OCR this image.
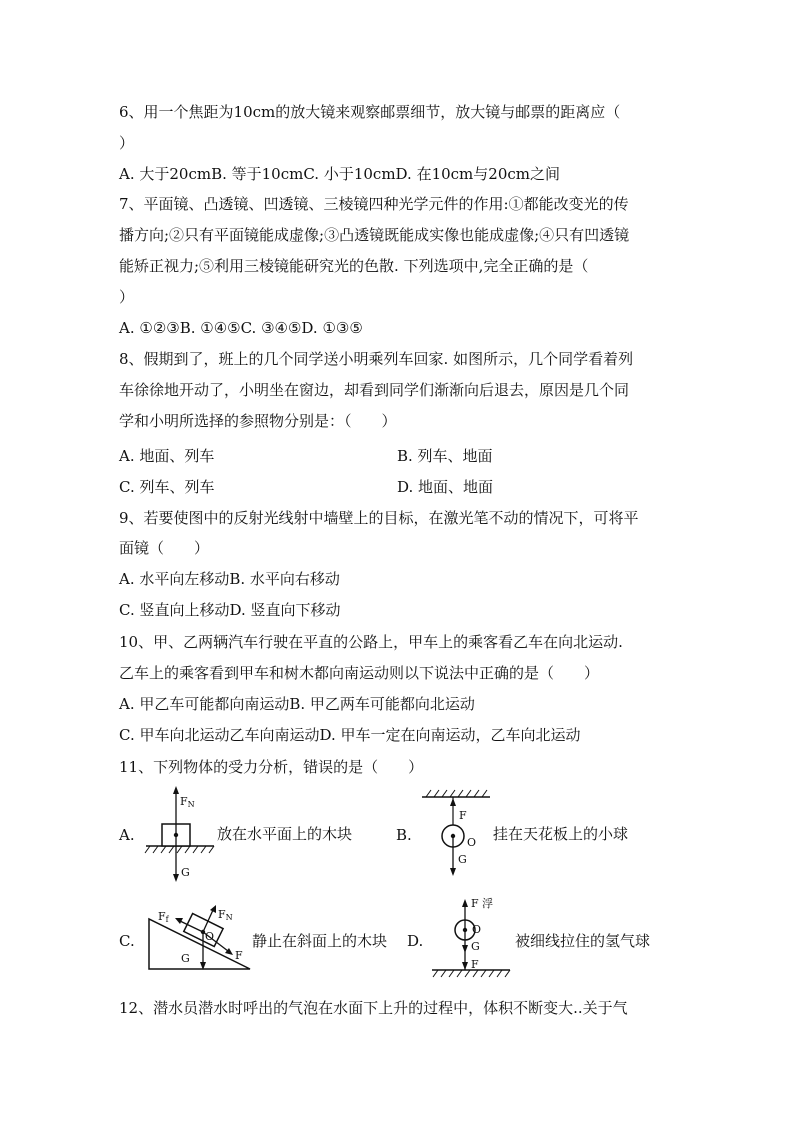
6、用一个焦距为10cm的放大镜来观察邮票细节，放大镜与邮票的距离应（
）
A. 大于20cmB. 等于10cmC. 小于10cmD. 在10cm与20cm之间
7、平面镜、凸透镜、凹透镜、三棱镜四种光学元件的作用:①都能改变光的传
播方向;②只有平面镜能成虚像;③凸透镜既能成实像也能成虚像;④只有凹透镜
能矫正视力;⑤利用三棱镜能研究光的色散. 下列选项中,完全正确的是（
）
A. ①②③B. ①④⑤C. ③④⑤D. ①③⑤
8、假期到了，班上的几个同学送小明乘列车回家. 如图所示，几个同学看着列
车徐徐地开动了，小明坐在窗边，却看到同学们渐渐向后退去，原因是几个同
学和小明所选择的参照物分别是：（　　）
A. 地面、列车	B. 列车、地面
C. 列车、列车	D. 地面、地面
9、若要使图中的反射光线射中墙壁上的目标，在激光笔不动的情况下，可将平
面镜（　　）
A. 水平向左移动B. 水平向右移动
C. 竖直向上移动D. 竖直向下移动
10、甲、乙两辆汽车行驶在平直的公路上，甲车上的乘客看乙车在向北运动.
乙车上的乘客看到甲车和树木都向南运动则以下说法中正确的是（　　）
A. 甲乙车可能都向南运动B. 甲乙两车可能都向北运动
C. 甲车向北运动乙车向南运动D. 甲车一定在向南运动，乙车向北运动
11、下列物体的受力分析，错误的是（　　）
A.
FN
G
放在水平面上的木块	B.
F
O
G
挂在天花板上的小球
C.
Ff	FN
O
G	F
静止在斜面上的木块 D.
F 浮
O
G
F
被细线拉住的氢气球
12、潜水员潜水时呼出的气泡在水面下上升的过程中，体积不断变大..关于气
